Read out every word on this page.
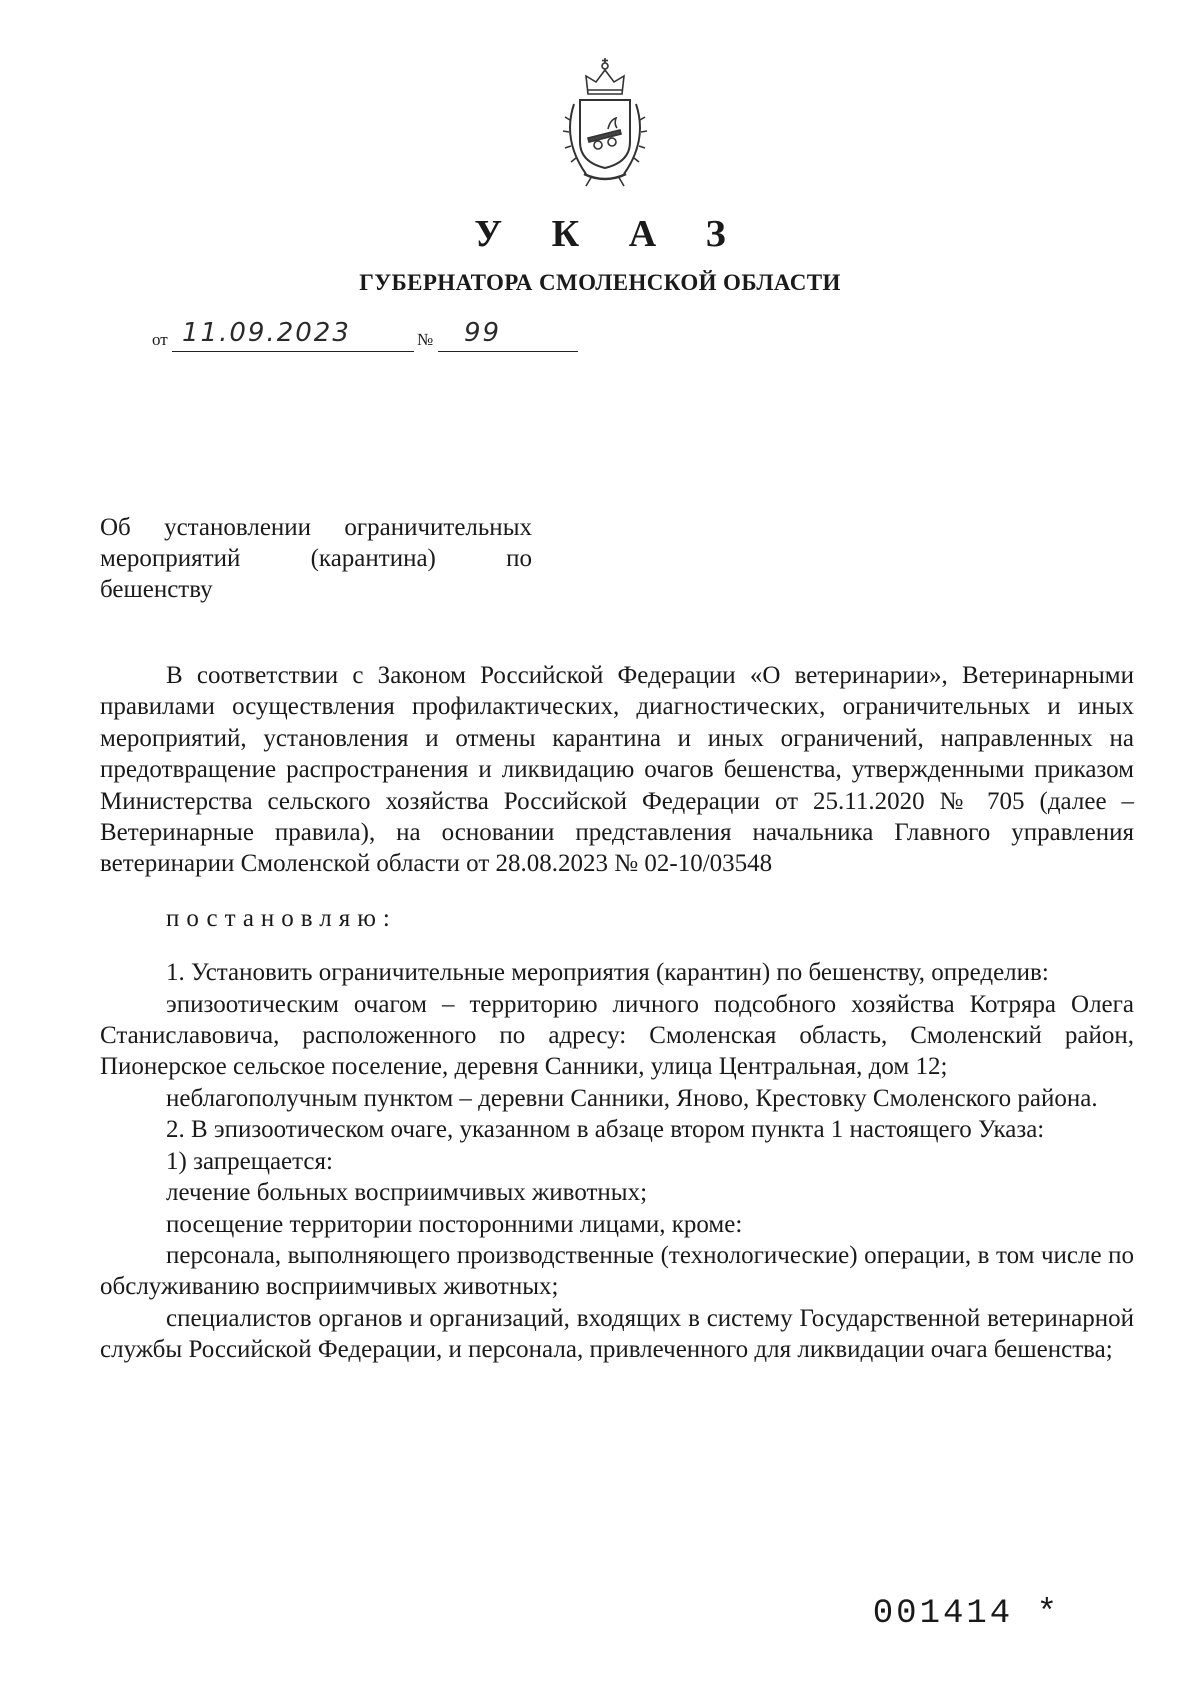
У К А З
ГУБЕРНАТОРА СМОЛЕНСКОЙ ОБЛАСТИ
от 11.09.2023	№ 99
Об установлении ограничительных
мероприятий (карантина) по
бешенству

В соответствии с Законом Российской Федерации «О ветеринарии», Ветеринарными правилами осуществления профилактических, диагностических, ограничительных и иных мероприятий, установления и отмены карантина и иных ограничений, направленных на предотвращение распространения и ликвидацию очагов бешенства, утвержденными приказом Министерства сельского хозяйства Российской Федерации от 25.11.2020 № 705 (далее – Ветеринарные правила), на основании представления начальника Главного управления ветеринарии Смоленской области от 28.08.2023 № 02-10/03548

постановляю:

1. Установить ограничительные мероприятия (карантин) по бешенству, определив:

эпизоотическим очагом – территорию личного подсобного хозяйства Котряра Олега Станиславовича, расположенного по адресу: Смоленская область, Смоленский район, Пионерское сельское поселение, деревня Санники, улица Центральная, дом 12;

неблагополучным пунктом – деревни Санники, Яново, Крестовку Смоленского района.

2. В эпизоотическом очаге, указанном в абзаце втором пункта 1 настоящего Указа:

1) запрещается:

лечение больных восприимчивых животных;

посещение территории посторонними лицами, кроме:

персонала, выполняющего производственные (технологические) операции, в том числе по обслуживанию восприимчивых животных;

специалистов органов и организаций, входящих в систему Государственной ветеринарной службы Российской Федерации, и персонала, привлеченного для ликвидации очага бешенства;

001414 *
